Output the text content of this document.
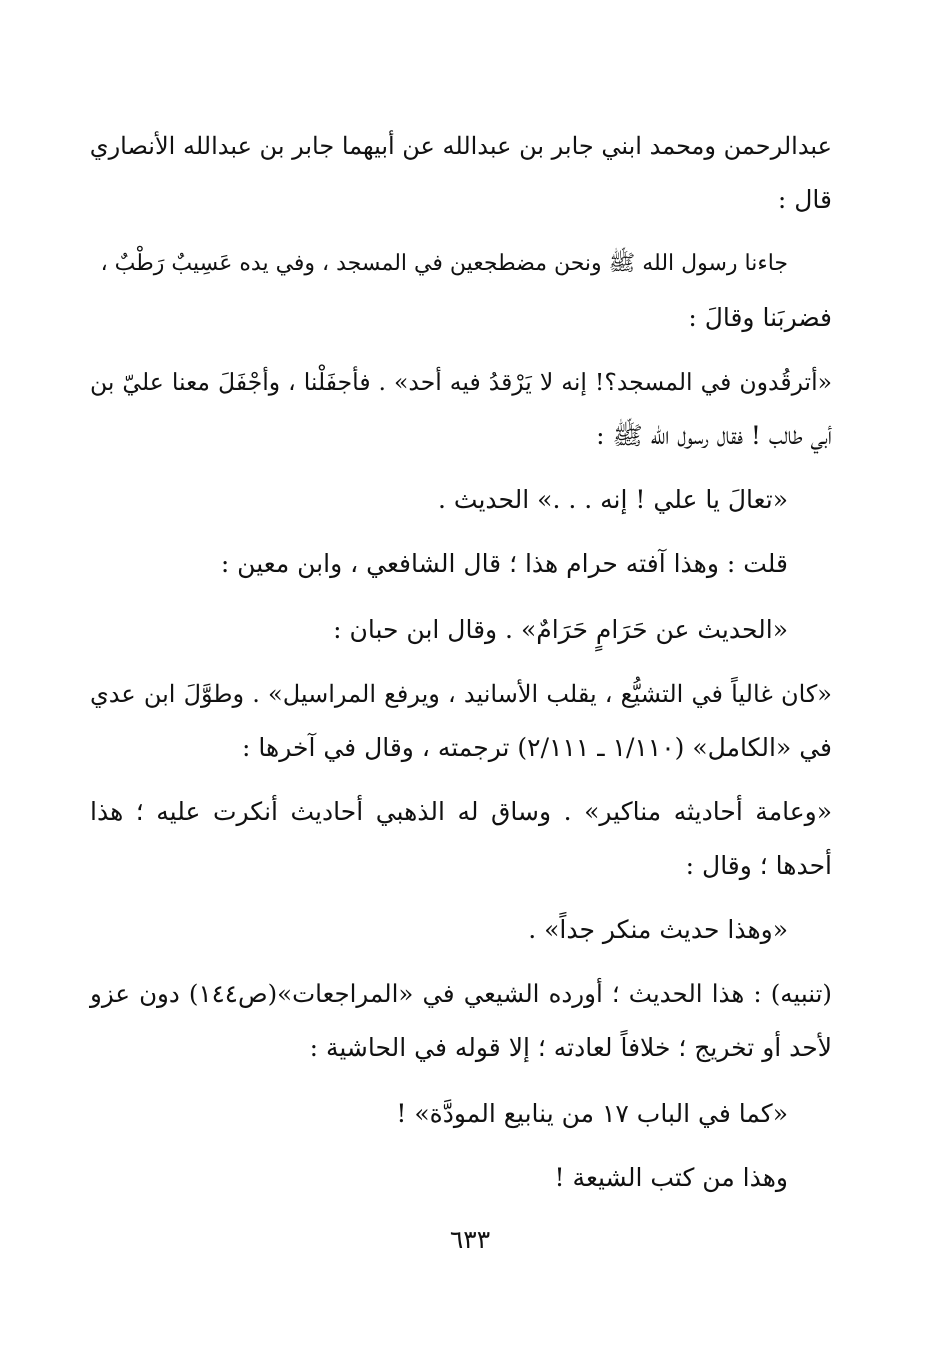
عبدالرحمن ومحمد ابني جابر بن عبدالله عن أبيهما جابر بن عبدالله الأنصاري
قال :
جاءنا رسول الله ﷺ ونحن مضطجعين في المسجد ، وفي يده عَسِيبٌ رَطْبٌ ،
فضربَنا وقالَ :
«أترقُدون في المسجد؟! إنه لا يَرْقدُ فيه أحد» . فأجفَلْنا ، وأجْفَلَ معنا عليّ بن
أبي طالب ! فقال رسول الله ﷺ :
«تعالَ يا علي ! إنه . . .» الحديث .
قلت : وهذا آفته حرام هذا ؛ قال الشافعي ، وابن معين :
«الحديث عن حَرَامٍ حَرَامٌ» . وقال ابن حبان :
«كان غالياً في التشيُّع ، يقلب الأسانيد ، ويرفع المراسيل» . وطوَّلَ ابن عدي
في «الكامل» (١/١١٠ ـ ٢/١١١) ترجمته ، وقال في آخرها :
«وعامة أحاديثه مناكير» . وساق له الذهبي أحاديث أنكرت عليه ؛ هذا
أحدها ؛ وقال :
«وهذا حديث منكر جداً» .
(تنبيه) : هذا الحديث ؛ أورده الشيعي في «المراجعات»(ص١٤٤) دون عزو
لأحد أو تخريج ؛ خلافاً لعادته ؛ إلا قوله في الحاشية :
«كما في الباب ١٧ من ينابيع المودَّة» !
وهذا من كتب الشيعة !
٦٣٣
